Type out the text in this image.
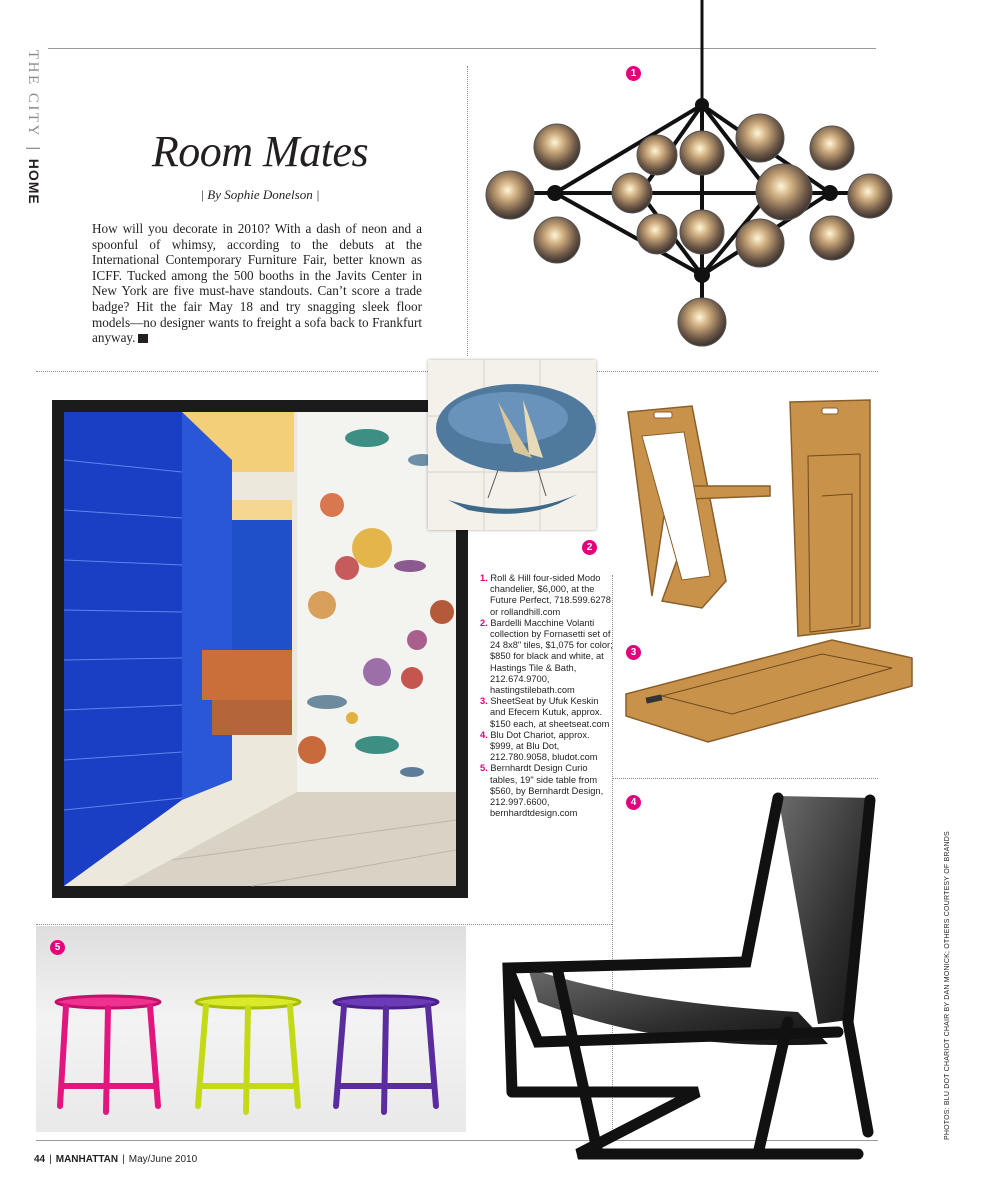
THE CITY | HOME
Room Mates
| By Sophie Donelson |
How will you decorate in 2010? With a dash of neon and a spoonful of whimsy, according to the debuts at the International Contemporary Furniture Fair, better known as ICFF. Tucked among the 500 booths in the Javits Center in New York are five must-have standouts. Can’t score a trade badge? Hit the fair May 18 and try snagging sleek floor models—no designer wants to freight a sofa back to Frankfurt anyway.
1
2

1. Roll & Hill four-sided Modo chandelier, $6,000, at the Future Perfect, 718.599.6278 or rollandhill.com

2. Bardelli Macchine Volanti collection by Fornasetti set of 24 8x8" tiles, $1,075 for color; $850 for black and white, at Hastings Tile & Bath, 212.674.9700, hastingstilebath.com

3. SheetSeat by Ufuk Keskin and Efecem Kutuk, approx. $150 each, at sheetseat.com

4. Blu Dot Chariot, approx. $999, at Blu Dot, 212.780.9058, bludot.com

5. Bernhardt Design Curio tables, 19" side table from $560, by Bernhardt Design, 212.997.6600, bernhardtdesign.com

3
4
5	PHOTOS: BLU DOT CHARIOT CHAIR BY DAN MONICK; OTHERS COURTESY OF BRANDS
44 | MANHATTAN | May/June 2010
